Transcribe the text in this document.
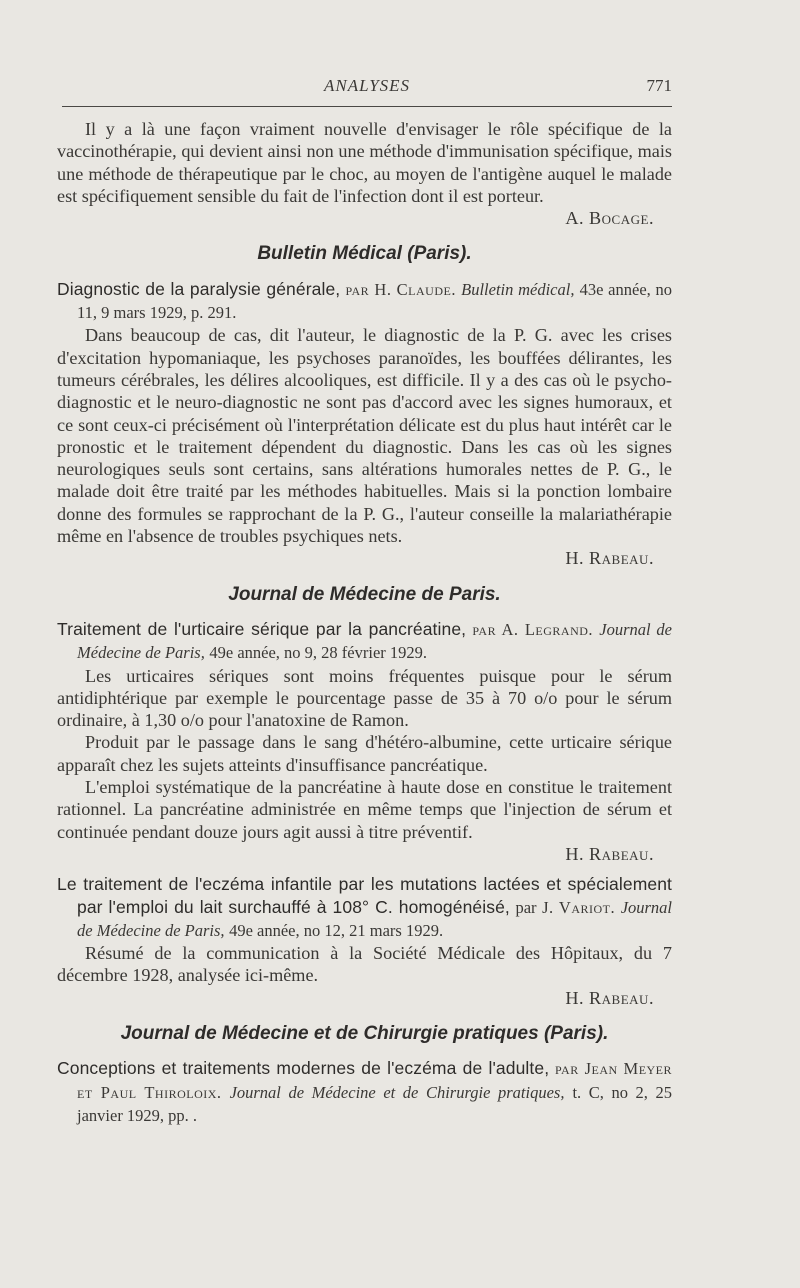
ANALYSES	771

Il y a là une façon vraiment nouvelle d'envisager le rôle spécifique de la vaccinothérapie, qui devient ainsi non une méthode d'immunisation spécifique, mais une méthode de thérapeutique par le choc, au moyen de l'antigène auquel le malade est spécifiquement sensible du fait de l'infection dont il est porteur.

A. Bocage.

Bulletin Médical (Paris).

Diagnostic de la paralysie générale, par H. Claude. Bulletin médical, 43e année, no 11, 9 mars 1929, p. 291.

Dans beaucoup de cas, dit l'auteur, le diagnostic de la P. G. avec les crises d'excitation hypomaniaque, les psychoses paranoïdes, les bouffées délirantes, les tumeurs cérébrales, les délires alcooliques, est difficile. Il y a des cas où le psycho-diagnostic et le neuro-diagnostic ne sont pas d'accord avec les signes humoraux, et ce sont ceux-ci précisément où l'interprétation délicate est du plus haut intérêt car le pronostic et le traitement dépendent du diagnostic. Dans les cas où les signes neurologiques seuls sont certains, sans altérations humorales nettes de P. G., le malade doit être traité par les méthodes habituelles. Mais si la ponction lombaire donne des formules se rapprochant de la P. G., l'auteur conseille la malariathérapie même en l'absence de troubles psychiques nets.

H. Rabeau.

Journal de Médecine de Paris.

Traitement de l'urticaire sérique par la pancréatine, par A. Legrand. Journal de Médecine de Paris, 49e année, no 9, 28 février 1929.

Les urticaires sériques sont moins fréquentes puisque pour le sérum antidiphtérique par exemple le pourcentage passe de 35 à 70 o/o pour le sérum ordinaire, à 1,30 o/o pour l'anatoxine de Ramon.

Produit par le passage dans le sang d'hétéro-albumine, cette urticaire sérique apparaît chez les sujets atteints d'insuffisance pancréatique.

L'emploi systématique de la pancréatine à haute dose en constitue le traitement rationnel. La pancréatine administrée en même temps que l'injection de sérum et continuée pendant douze jours agit aussi à titre préventif.

H. Rabeau.

Le traitement de l'eczéma infantile par les mutations lactées et spécialement par l'emploi du lait surchauffé à 108° C. homogénéisé, par J. Variot. Journal de Médecine de Paris, 49e année, no 12, 21 mars 1929.

Résumé de la communication à la Société Médicale des Hôpitaux, du 7 décembre 1928, analysée ici-même.

H. Rabeau.

Journal de Médecine et de Chirurgie pratiques (Paris).

Conceptions et traitements modernes de l'eczéma de l'adulte, par Jean Meyer et Paul Thiroloix. Journal de Médecine et de Chirurgie pratiques, t. C, no 2, 25 janvier 1929, pp. .
